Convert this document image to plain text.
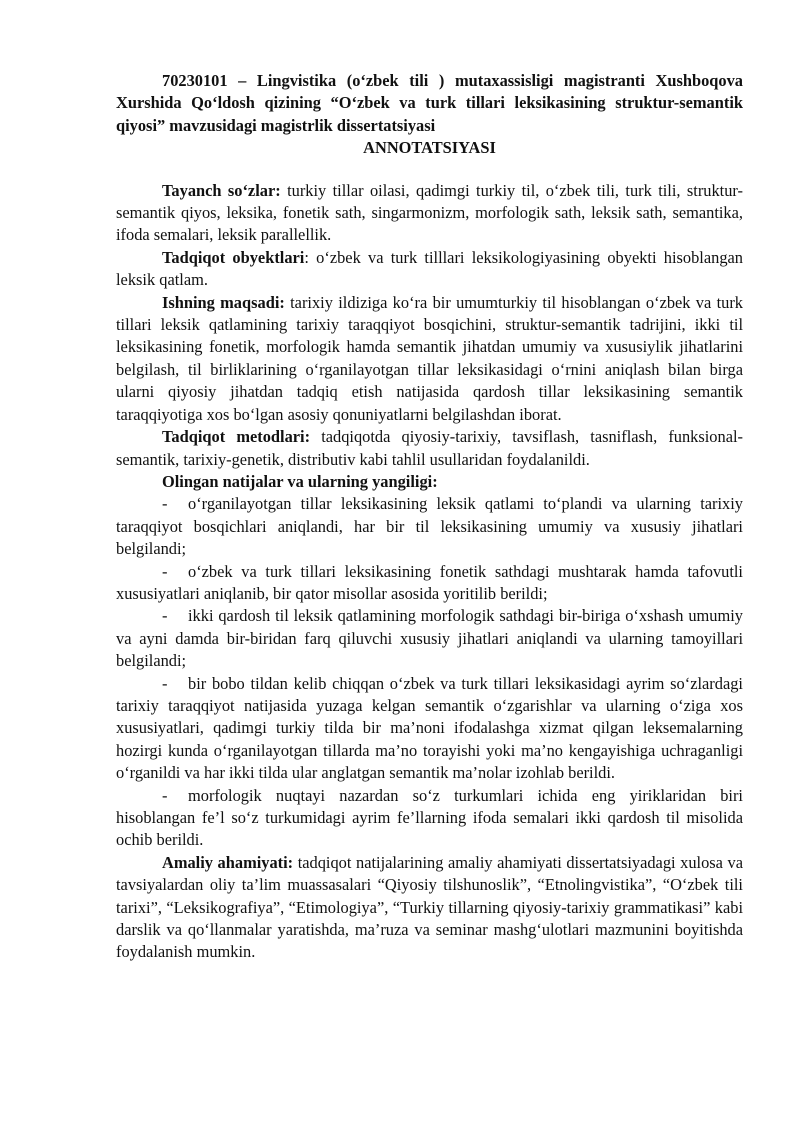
70230101 – Lingvistika (o‘zbek tili ) mutaxassisligi magistranti Xushboqova Xurshida Qo‘ldosh qizining “O‘zbek va turk tillari leksikasining struktur-semantik qiyosi” mavzusidagi magistrlik dissertatsiyasi

ANNOTATSIYASI

Tayanch so‘zlar: turkiy tillar oilasi, qadimgi turkiy til, o‘zbek tili, turk tili, struktur-semantik qiyos, leksika, fonetik sath, singarmonizm, morfologik sath, leksik sath, semantika, ifoda semalari, leksik parallellik.

Tadqiqot obyektlari: o‘zbek va turk tilllari leksikologiyasining obyekti hisoblangan leksik qatlam.

Ishning maqsadi: tarixiy ildiziga ko‘ra bir umumturkiy til hisoblangan o‘zbek va turk tillari leksik qatlamining tarixiy taraqqiyot bosqichini, struktur-semantik tadrijini, ikki til leksikasining fonetik, morfologik hamda semantik jihatdan umumiy va xususiylik jihatlarini belgilash, til birliklarining o‘rganilayotgan tillar leksikasidagi o‘rnini aniqlash bilan birga ularni qiyosiy jihatdan tadqiq etish natijasida qardosh tillar leksikasining semantik taraqqiyotiga xos bo‘lgan asosiy qonuniyatlarni belgilashdan iborat.

Tadqiqot metodlari: tadqiqotda qiyosiy-tarixiy, tavsiflash, tasniflash, funksional-semantik, tarixiy-genetik, distributiv kabi tahlil usullaridan foydalanildi.

Olingan natijalar va ularning yangiligi:

- o‘rganilayotgan tillar leksikasining leksik qatlami to‘plandi va ularning tarixiy taraqqiyot bosqichlari aniqlandi, har bir til leksikasining umumiy va xususiy jihatlari belgilandi;

- o‘zbek va turk tillari leksikasining fonetik sathdagi mushtarak hamda tafovutli xususiyatlari aniqlanib, bir qator misollar asosida yoritilib berildi;

- ikki qardosh til leksik qatlamining morfologik sathdagi bir-biriga o‘xshash umumiy va ayni damda bir-biridan farq qiluvchi xususiy jihatlari aniqlandi va ularning tamoyillari belgilandi;

- bir bobo tildan kelib chiqqan o‘zbek va turk tillari leksikasidagi ayrim so‘zlardagi tarixiy taraqqiyot natijasida yuzaga kelgan semantik o‘zgarishlar va ularning o‘ziga xos xususiyatlari, qadimgi turkiy tilda bir ma’noni ifodalashga xizmat qilgan leksemalarning hozirgi kunda o‘rganilayotgan tillarda ma’no torayishi yoki ma’no kengayishiga uchraganligi o‘rganildi va har ikki tilda ular anglatgan semantik ma’nolar izohlab berildi.

- morfologik nuqtayi nazardan so‘z turkumlari ichida eng yiriklaridan biri hisoblangan fe’l so‘z turkumidagi ayrim fe’llarning ifoda semalari ikki qardosh til misolida ochib berildi.

Amaliy ahamiyati: tadqiqot natijalarining amaliy ahamiyati dissertatsiyadagi xulosa va tavsiyalardan oliy ta’lim muassasalari “Qiyosiy tilshunoslik”, “Etnolingvistika”, “O‘zbek tili tarixi”, “Leksikografiya”, “Etimologiya”, “Turkiy tillarning qiyosiy-tarixiy grammatikasi” kabi darslik va qo‘llanmalar yaratishda, ma’ruza va seminar mashg‘ulotlari mazmunini boyitishda foydalanish mumkin.
